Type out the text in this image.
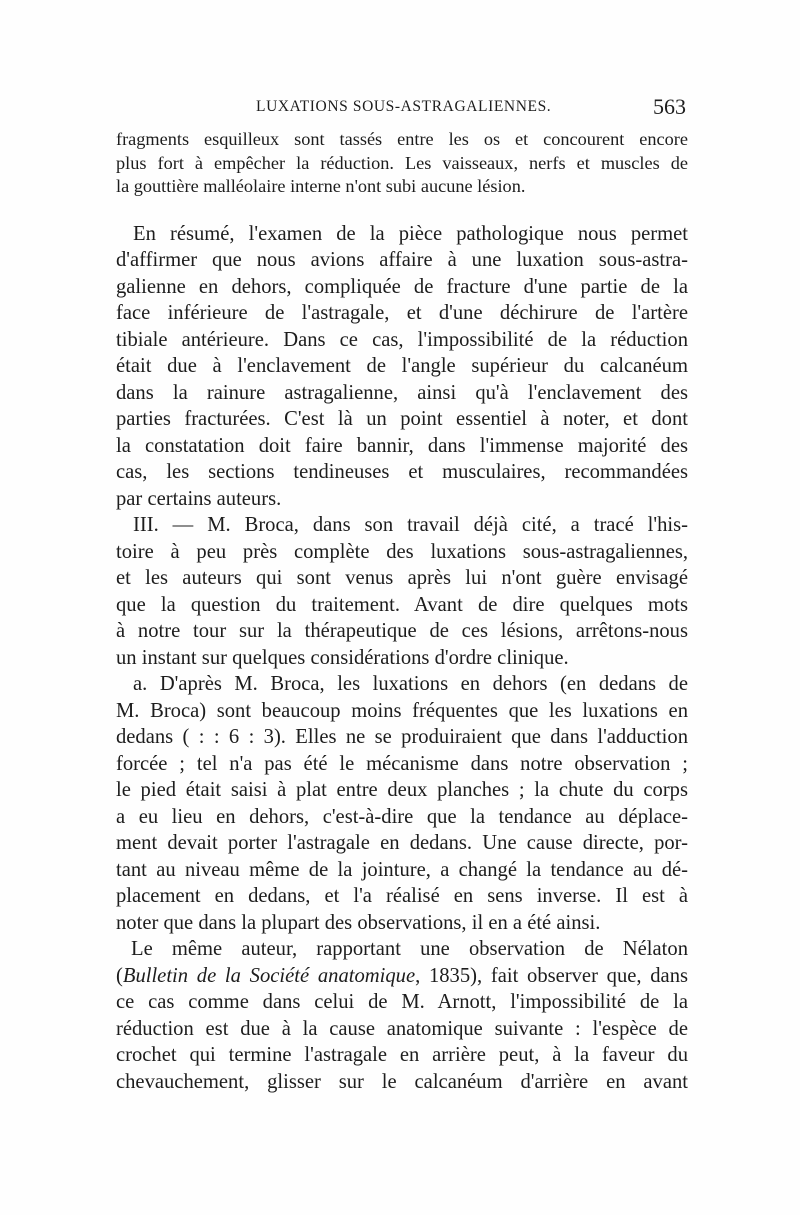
LUXATIONS SOUS-ASTRAGALIENNES.	563
fragments esquilleux sont tassés entre les os et concourent encore
plus fort à empêcher la réduction. Les vaisseaux, nerfs et muscles de
la gouttière malléolaire interne n'ont subi aucune lésion.
En résumé, l'examen de la pièce pathologique nous permet
d'affirmer que nous avions affaire à une luxation sous-astra-
galienne en dehors, compliquée de fracture d'une partie de la
face inférieure de l'astragale, et d'une déchirure de l'artère
tibiale antérieure. Dans ce cas, l'impossibilité de la réduction
était due à l'enclavement de l'angle supérieur du calcanéum
dans la rainure astragalienne, ainsi qu'à l'enclavement des
parties fracturées. C'est là un point essentiel à noter, et dont
la constatation doit faire bannir, dans l'immense majorité des
cas, les sections tendineuses et musculaires, recommandées
par certains auteurs.
III. — M. Broca, dans son travail déjà cité, a tracé l'his-
toire à peu près complète des luxations sous-astragaliennes,
et les auteurs qui sont venus après lui n'ont guère envisagé
que la question du traitement. Avant de dire quelques mots
à notre tour sur la thérapeutique de ces lésions, arrêtons-nous
un instant sur quelques considérations d'ordre clinique.
a. D'après M. Broca, les luxations en dehors (en dedans de
M. Broca) sont beaucoup moins fréquentes que les luxations en
dedans ( : : 6 : 3). Elles ne se produiraient que dans l'adduction
forcée ; tel n'a pas été le mécanisme dans notre observation ;
le pied était saisi à plat entre deux planches ; la chute du corps
a eu lieu en dehors, c'est-à-dire que la tendance au déplace-
ment devait porter l'astragale en dedans. Une cause directe, por-
tant au niveau même de la jointure, a changé la tendance au dé-
placement en dedans, et l'a réalisé en sens inverse. Il est à
noter que dans la plupart des observations, il en a été ainsi.
Le même auteur, rapportant une observation de Nélaton
(Bulletin de la Société anatomique, 1835), fait observer que, dans
ce cas comme dans celui de M. Arnott, l'impossibilité de la
réduction est due à la cause anatomique suivante : l'espèce de
crochet qui termine l'astragale en arrière peut, à la faveur du
chevauchement, glisser sur le calcanéum d'arrière en avant
